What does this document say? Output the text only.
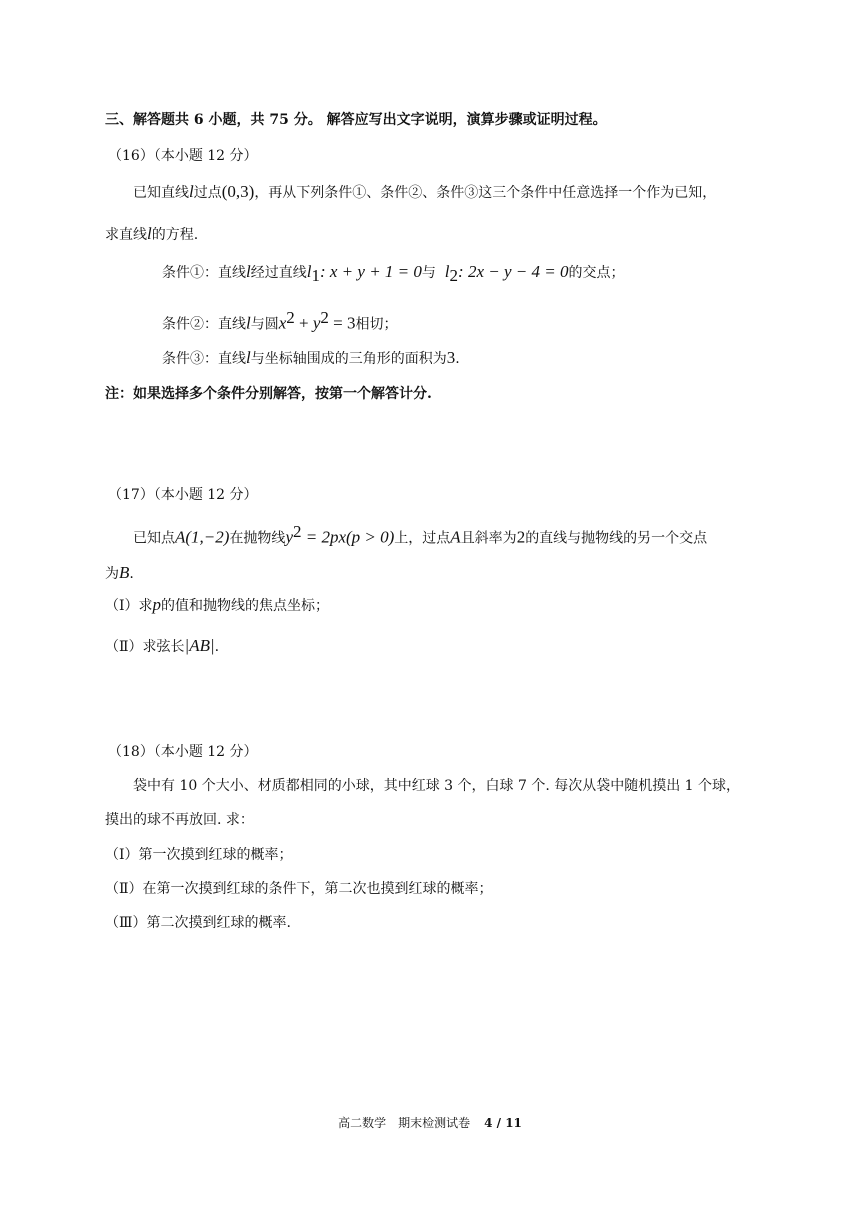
三、解答题共 6 小题，共 75 分。 解答应写出文字说明，演算步骤或证明过程。
（16）（本小题 12 分）
已知直线l过点(0,3)，再从下列条件①、条件②、条件③这三个条件中任意选择一个作为已知，
求直线l的方程.
条件①：直线l经过直线$l_1$: x + y + 1 = 0与 $l_2$: 2x − y − 4 = 0的交点；
条件②：直线l与圆$x^2 + y^2 = 3$相切；
条件③：直线l与坐标轴围成的三角形的面积为3.
注：如果选择多个条件分别解答，按第一个解答计分.
（17）（本小题 12 分）
已知点A(1,−2)在抛物线$y^2 = 2px(p > 0)$上，过点A且斜率为2的直线与抛物线的另一个交点
为B.
（Ⅰ）求p的值和抛物线的焦点坐标；
（Ⅱ）求弦长|AB|.
（18）（本小题 12 分）
袋中有 10 个大小、材质都相同的小球，其中红球 3 个，白球 7 个. 每次从袋中随机摸出 1 个球，
摸出的球不再放回. 求：
（Ⅰ）第一次摸到红球的概率；
（Ⅱ）在第一次摸到红球的条件下，第二次也摸到红球的概率；
（Ⅲ）第二次摸到红球的概率.
高二数学　期末检测试卷 4 / 11
